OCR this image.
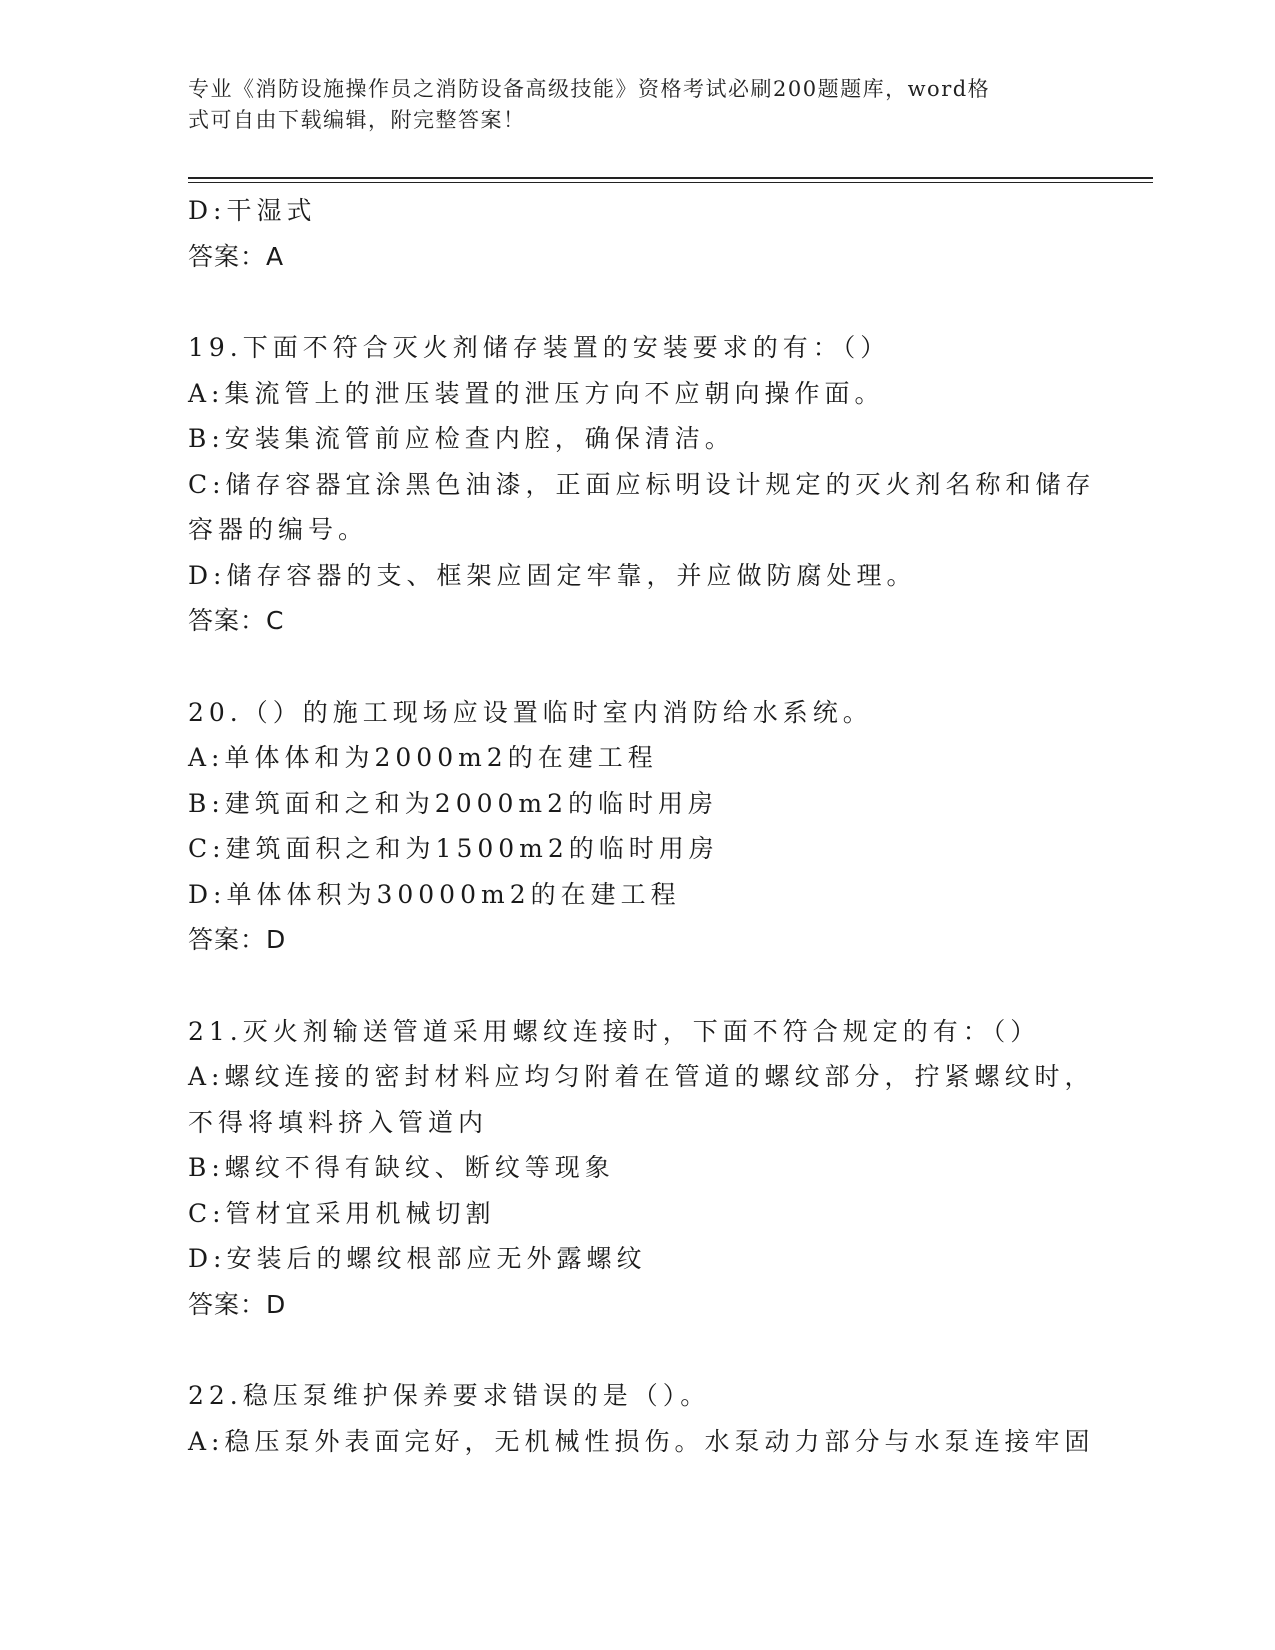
专业《消防设施操作员之消防设备高级技能》资格考试必刷200题题库，word格
式可自由下载编辑，附完整答案！
D:干湿式
答案：A
19.下面不符合灭火剂储存装置的安装要求的有：（）
A:集流管上的泄压装置的泄压方向不应朝向操作面。
B:安装集流管前应检查内腔，确保清洁。
C:储存容器宜涂黑色油漆，正面应标明设计规定的灭火剂名称和储存
容器的编号。
D:储存容器的支、框架应固定牢靠，并应做防腐处理。
答案：C
20.（）的施工现场应设置临时室内消防给水系统。
A:单体体和为2000m2的在建工程
B:建筑面和之和为2000m2的临时用房
C:建筑面积之和为1500m2的临时用房
D:单体体积为30000m2的在建工程
答案：D
21.灭火剂输送管道采用螺纹连接时，下面不符合规定的有：（）
A:螺纹连接的密封材料应均匀附着在管道的螺纹部分，拧紧螺纹时，
不得将填料挤入管道内
B:螺纹不得有缺纹、断纹等现象
C:管材宜采用机械切割
D:安装后的螺纹根部应无外露螺纹
答案：D
22.稳压泵维护保养要求错误的是（）。
A:稳压泵外表面完好，无机械性损伤。水泵动力部分与水泵连接牢固
